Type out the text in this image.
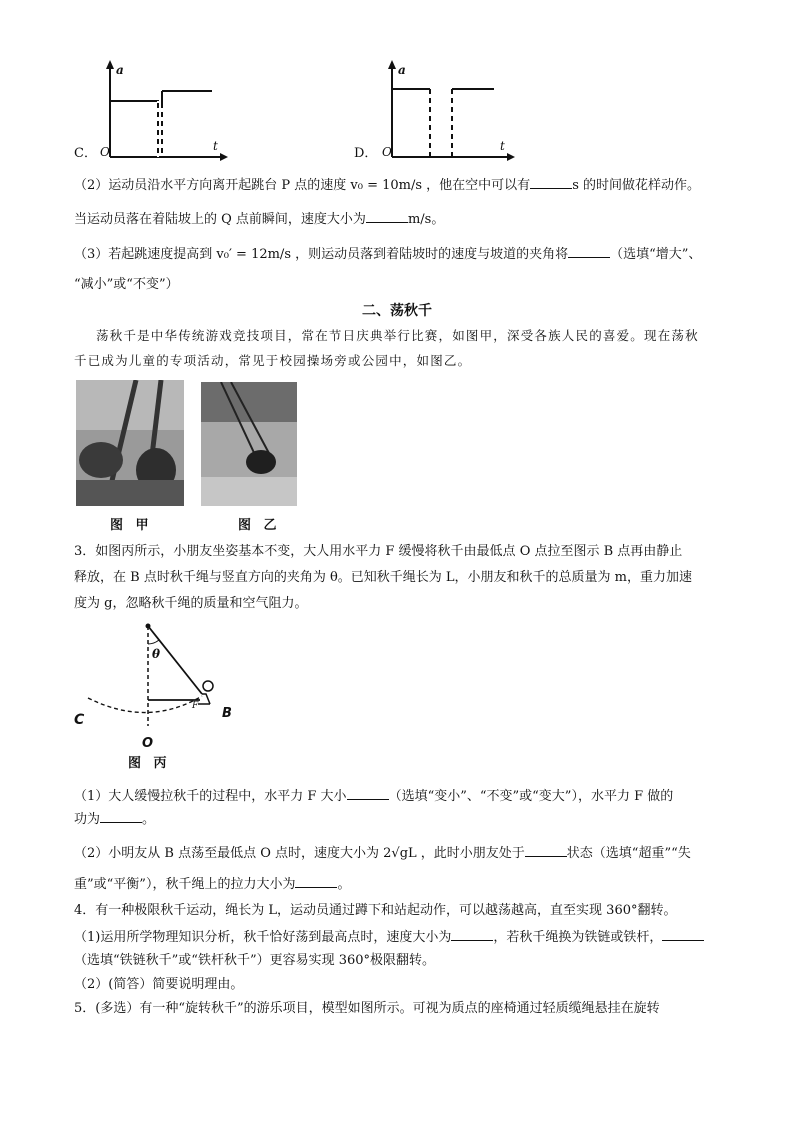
C．
a
t
O	D．
a
t
O
（2）运动员沿水平方向离开起跳台 P 点的速度 v₀ = 10m/s ，他在空中可以有	s 的时间做花样动作。
当运动员落在着陆坡上的 Q 点前瞬间，速度大小为	m/s。
（3）若起跳速度提高到 v₀′ = 12m/s ，则运动员落到着陆坡时的速度与坡道的夹角将	（选填“增大”、
“减小”或“不变”）
二、荡秋千
荡秋千是中华传统游戏竞技项目，常在节日庆典举行比赛，如图甲，深受各族人民的喜爱。现在荡秋
千已成为儿童的专项活动，常见于校园操场旁或公园中，如图乙。
图 甲	图 乙
3．如图丙所示，小朋友坐姿基本不变，大人用水平力 F 缓慢将秋千由最低点 O 点拉至图示 B 点再由静止
释放，在 B 点时秋千绳与竖直方向的夹角为 θ。已知秋千绳长为 L，小朋友和秋千的总质量为 m，重力加速
度为 g，忽略秋千绳的质量和空气阻力。
θ
C	B
F
O
图 丙
（1）大人缓慢拉秋千的过程中，水平力 F 大小	（选填“变小”、“不变”或“变大”），水平力 F 做的
功为	。
（2）小明友从 B 点荡至最低点 O 点时，速度大小为 2√gL ，此时小朋友处于	状态（选填“超重”“失
重”或“平衡”），秋千绳上的拉力大小为	。
4．有一种极限秋千运动，绳长为 L，运动员通过蹲下和站起动作，可以越荡越高，直至实现 360°翻转。
（1)运用所学物理知识分析，秋千恰好荡到最高点时，速度大小为	，若秋千绳换为铁链或铁杆，
（选填“铁链秋千”或“铁杆秋千”）更容易实现 360°极限翻转。
（2）(简答）简要说明理由。
5．(多选）有一种“旋转秋千”的游乐项目，模型如图所示。可视为质点的座椅通过轻质缆绳悬挂在旋转
